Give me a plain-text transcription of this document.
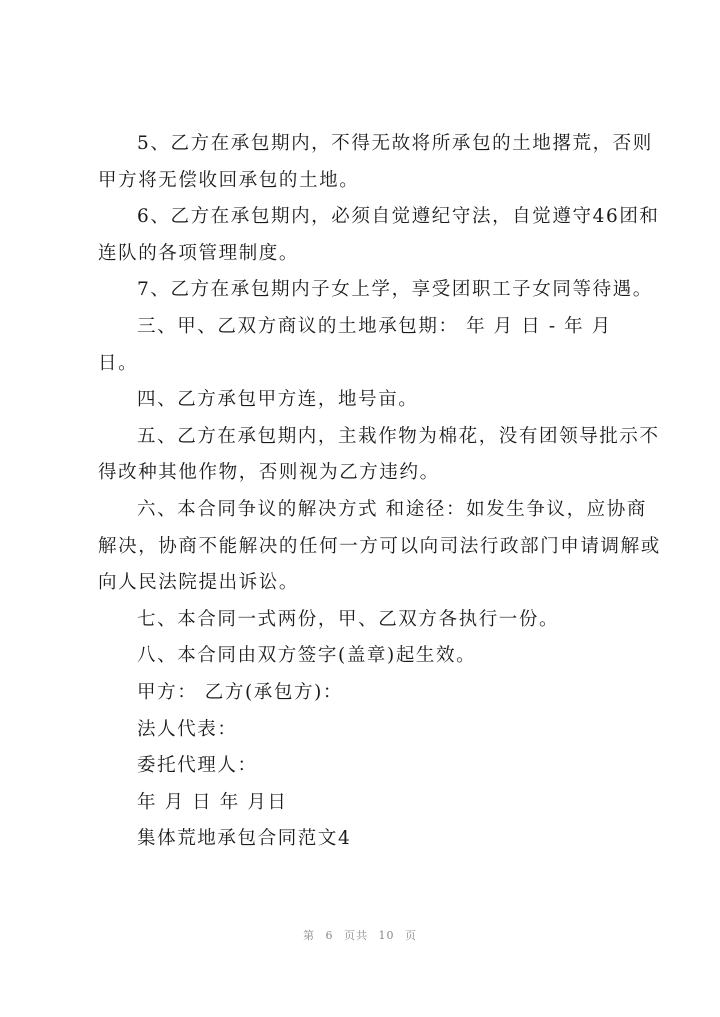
5、乙方在承包期内，不得无故将所承包的土地撂荒，否则
甲方将无偿收回承包的土地。
6、乙方在承包期内，必须自觉遵纪守法，自觉遵守46团和
连队的各项管理制度。
7、乙方在承包期内子女上学，享受团职工子女同等待遇。
三、甲、乙双方商议的土地承包期： 年 月 日 - 年 月
日。
四、乙方承包甲方连，地号亩。
五、乙方在承包期内，主栽作物为棉花，没有团领导批示不
得改种其他作物，否则视为乙方违约。
六、本合同争议的解决方式 和途径：如发生争议，应协商
解决，协商不能解决的任何一方可以向司法行政部门申请调解或
向人民法院提出诉讼。
七、本合同一式两份，甲、乙双方各执行一份。
八、本合同由双方签字(盖章)起生效。
甲方： 乙方(承包方)：
法人代表：
委托代理人：
年 月 日 年 月日
集体荒地承包合同范文4
第 6 页共 10 页
